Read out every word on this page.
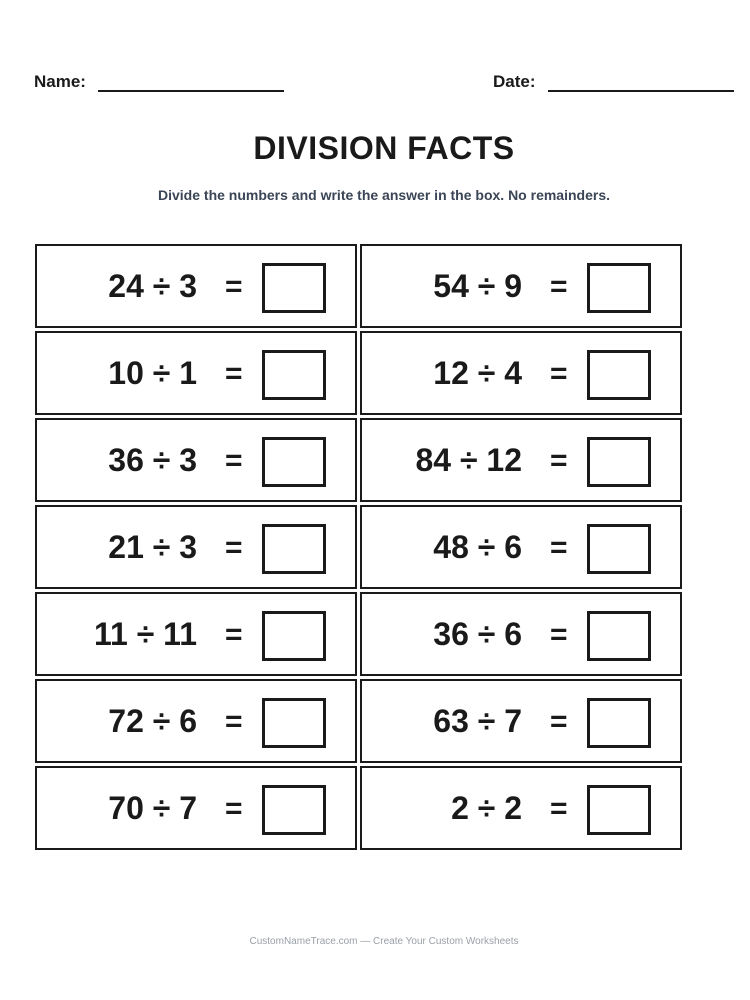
Name:	Date:
DIVISION FACTS
Divide the numbers and write the answer in the box. No remainders.
24 ÷ 3 =	54 ÷ 9 =
10 ÷ 1 =	12 ÷ 4 =
36 ÷ 3 =	84 ÷ 12 =
21 ÷ 3 =	48 ÷ 6 =
11 ÷ 11 =	36 ÷ 6 =
72 ÷ 6 =	63 ÷ 7 =
70 ÷ 7 =	2 ÷ 2 =
CustomNameTrace.com — Create Your Custom Worksheets
